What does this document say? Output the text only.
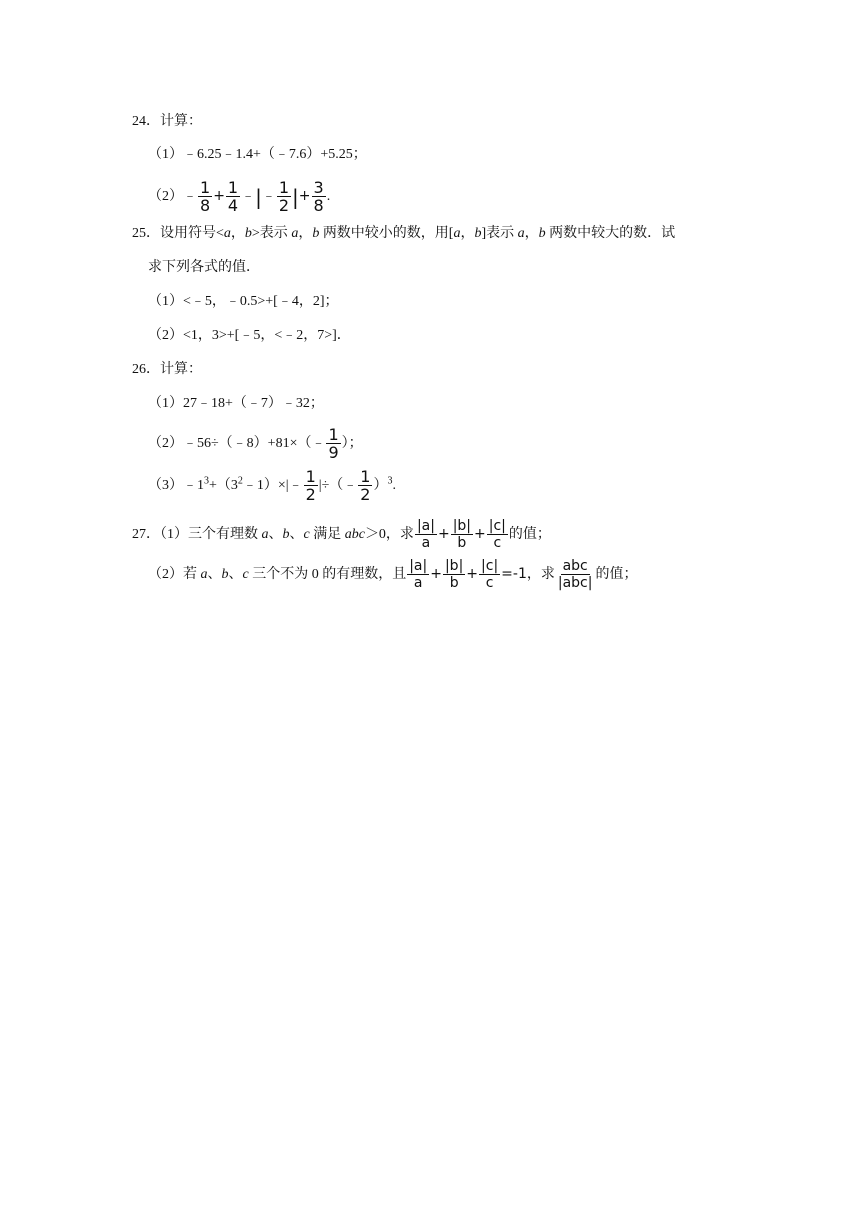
24．计算：
（1）﹣6.25﹣1.4+（﹣7.6）+5.25；
（2）﹣ $\frac{1}{8} + \frac{1}{4}$ ﹣|﹣ $\frac{1}{2}$ |+ $\frac{3}{8}$ .
25．设用符号<a，b>表示 a，b 两数中较小的数，用[a，b]表示 a，b 两数中较大的数．试
求下列各式的值．
（1）<﹣5，﹣0.5>+[﹣4，2]；
（2）<1，3>+[﹣5，<﹣2，7>]．
26．计算：
（1）27﹣18+（﹣7）﹣32；
（2）﹣56÷（﹣8）+81×（﹣ $\frac{1}{9}$ ）；
$(3)﹣1^3+(3^2﹣1)\times|﹣ \frac{1}{2}$ |÷（﹣ $\frac{1}{2} )^3$.
27．（1）三个有理数 a、b、c 满足 abc＞0，求 $\frac{|a|}{a} + \frac{|b|}{b} + \frac{|c|}{c}$ 的值；
（2）若 a、b、c 三个不为 0 的有理数，且 $\frac{|a|}{a} + \frac{|b|}{b} + \frac{|c|}{c} =-1$，求 $\frac{\text{abc}}{\text{|abc|}}$ 的值；
